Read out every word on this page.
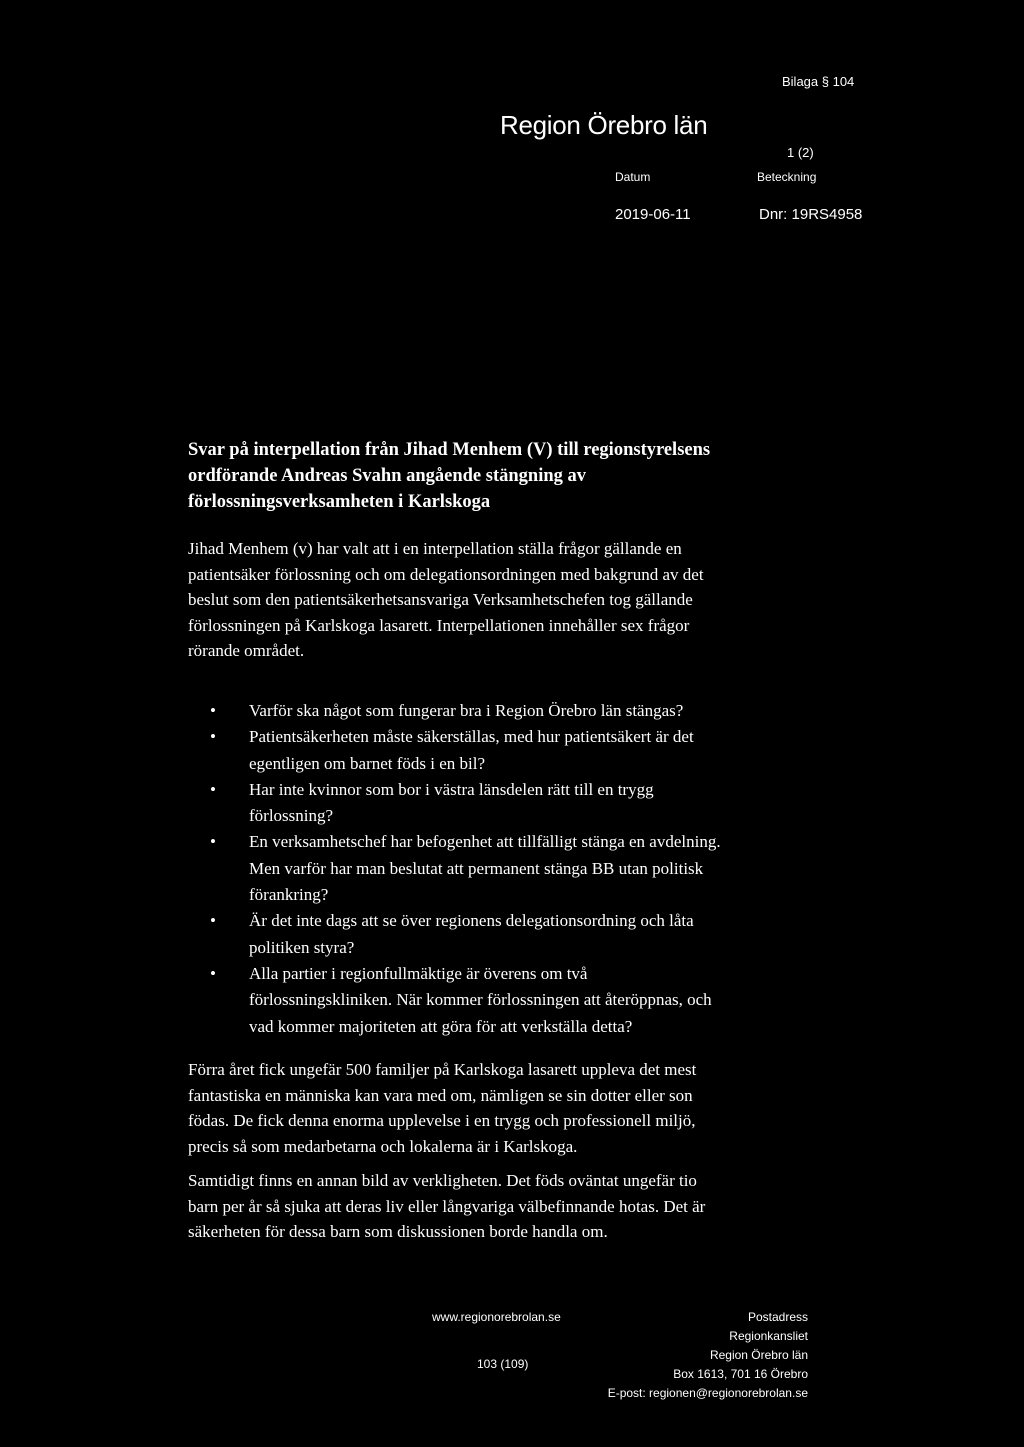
Bilaga § 104
Region Örebro län
1 (2)
Datum	Beteckning
2019-06-11	Dnr: 19RS4958
Svar på interpellation från Jihad Menhem (V) till regionstyrelsens
ordförande Andreas Svahn angående stängning av
förlossningsverksamheten i Karlskoga
Jihad Menhem (v) har valt att i en interpellation ställa frågor gällande en
patientsäker förlossning och om delegationsordningen med bakgrund av det
beslut som den patientsäkerhetsansvariga Verksamhetschefen tog gällande
förlossningen på Karlskoga lasarett. Interpellationen innehåller sex frågor
rörande området.
• Varför ska något som fungerar bra i Region Örebro län stängas?
• Patientsäkerheten måste säkerställas, med hur patientsäkert är det
egentligen om barnet föds i en bil?
• Har inte kvinnor som bor i västra länsdelen rätt till en trygg
förlossning?
• En verksamhetschef har befogenhet att tillfälligt stänga en avdelning.
Men varför har man beslutat att permanent stänga BB utan politisk
förankring?
• Är det inte dags att se över regionens delegationsordning och låta
politiken styra?
• Alla partier i regionfullmäktige är överens om två
förlossningskliniken. När kommer förlossningen att återöppnas, och
vad kommer majoriteten att göra för att verkställa detta?
Förra året fick ungefär 500 familjer på Karlskoga lasarett uppleva det mest
fantastiska en människa kan vara med om, nämligen se sin dotter eller son
födas. De fick denna enorma upplevelse i en trygg och professionell miljö,
precis så som medarbetarna och lokalerna är i Karlskoga.
Samtidigt finns en annan bild av verkligheten. Det föds oväntat ungefär tio
barn per år så sjuka att deras liv eller långvariga välbefinnande hotas. Det är
säkerheten för dessa barn som diskussionen borde handla om.
www.regionorebrolan.se
103 (109)
Postadress
Regionkansliet
Region Örebro län
Box 1613, 701 16 Örebro
E-post: regionen@regionorebrolan.se
